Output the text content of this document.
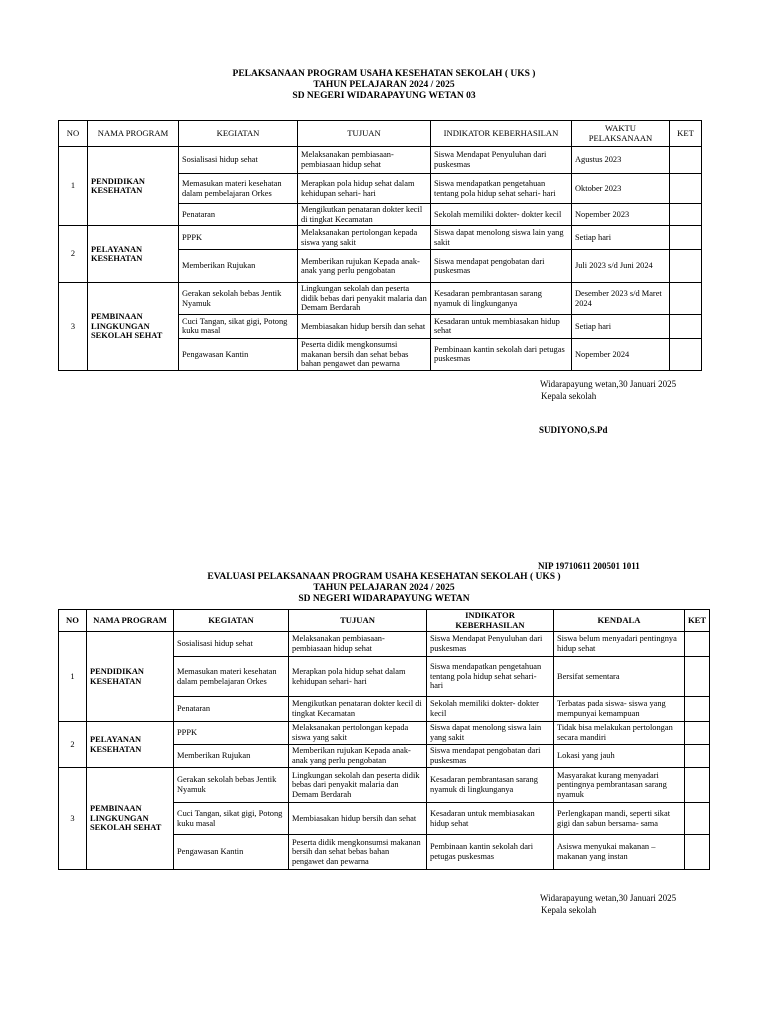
PELAKSANAAN PROGRAM USAHA KESEHATAN SEKOLAH ( UKS )
TAHUN PELAJARAN 2024 / 2025
SD NEGERI WIDARAPAYUNG WETAN 03
NO	NAMA PROGRAM	KEGIATAN	TUJUAN	INDIKATOR KEBERHASILAN	WAKTU PELAKSANAAN	KET
1	PENDIDIKAN KESEHATAN	Sosialisasi hidup sehat	Melaksanakan pembiasaan- pembiasaan hidup sehat	Siswa Mendapat Penyuluhan dari puskesmas	Agustus 2023	
		Memasukan materi kesehatan dalam pembelajaran Orkes	Merapkan pola hidup sehat dalam kehidupan sehari- hari	Siswa mendapatkan pengetahuan tentang pola hidup sehat sehari- hari	Oktober 2023	
		Penataran	Mengikutkan penataran dokter kecil di tingkat Kecamatan	Sekolah memiliki dokter- dokter kecil	Nopember 2023	
2	PELAYANAN KESEHATAN	PPPK	Melaksanakan pertolongan kepada siswa yang sakit	Siswa dapat menolong siswa lain yang sakit	Setiap hari	
		Memberikan Rujukan	Memberikan rujukan Kepada anak- anak yang perlu pengobatan	Siswa mendapat pengobatan dari puskesmas	Juli 2023 s/d Juni 2024	
3	PEMBINAAN LINGKUNGAN SEKOLAH SEHAT	Gerakan sekolah bebas Jentik Nyamuk	Lingkungan sekolah dan peserta didik bebas dari penyakit malaria dan Demam Berdarah	Kesadaran pembrantasan sarang nyamuk di lingkunganya	Desember 2023 s/d Maret 2024	
		Cuci Tangan, sikat gigi, Potong kuku masal	Membiasakan hidup bersih dan sehat	Kesadaran untuk membiasakan hidup sehat	Setiap hari	
		Pengawasan Kantin	Peserta didik mengkonsumsi makanan bersih dan sehat bebas bahan pengawet dan pewarna	Pembinaan kantin sekolah dari petugas puskesmas	Nopember 2024	
Widarapayung wetan,30 Januari 2025
Kepala sekolah
SUDIYONO,S.Pd
NIP 19710611 200501 1011
EVALUASI PELAKSANAAN PROGRAM USAHA KESEHATAN SEKOLAH ( UKS )
TAHUN PELAJARAN 2024 / 2025
SD NEGERI WIDARAPAYUNG WETAN
NO	NAMA PROGRAM	KEGIATAN	TUJUAN	INDIKATOR KEBERHASILAN	KENDALA	KET
1	PENDIDIKAN KESEHATAN	Sosialisasi hidup sehat	Melaksanakan pembiasaan- pembiasaan hidup sehat	Siswa Mendapat Penyuluhan dari puskesmas	Siswa belum menyadari pentingnya hidup sehat	
		Memasukan materi kesehatan dalam pembelajaran Orkes	Merapkan pola hidup sehat dalam kehidupan sehari- hari	Siswa mendapatkan pengetahuan tentang pola hidup sehat sehari- hari	Bersifat sementara	
		Penataran	Mengikutkan penataran dokter kecil di tingkat Kecamatan	Sekolah memiliki dokter- dokter kecil	Terbatas pada siswa- siswa yang mempunyai kemampuan	
2	PELAYANAN KESEHATAN	PPPK	Melaksanakan pertolongan kepada siswa yang sakit	Siswa dapat menolong siswa lain yang sakit	Tidak bisa melakukan pertolongan secara mandiri	
		Memberikan Rujukan	Memberikan rujukan Kepada anak- anak yang perlu pengobatan	Siswa mendapat pengobatan dari puskesmas	Lokasi yang jauh	
3	PEMBINAAN LINGKUNGAN SEKOLAH SEHAT	Gerakan sekolah bebas Jentik Nyamuk	Lingkungan sekolah dan peserta didik bebas dari penyakit malaria dan Demam Berdarah	Kesadaran pembrantasan sarang nyamuk di lingkunganya	Masyarakat kurang menyadari pentingnya pembrantasan sarang nyamuk	
		Cuci Tangan, sikat gigi, Potong kuku masal	Membiasakan hidup bersih dan sehat	Kesadaran untuk membiasakan hidup sehat	Perlengkapan mandi, seperti sikat gigi dan sabun bersama- sama	
		Pengawasan Kantin	Peserta didik mengkonsumsi makanan bersih dan sehat bebas bahan pengawet dan pewarna	Pembinaan kantin sekolah dari petugas puskesmas	Asiswa menyukai makanan – makanan yang instan	
Widarapayung wetan,30 Januari 2025
Kepala sekolah
